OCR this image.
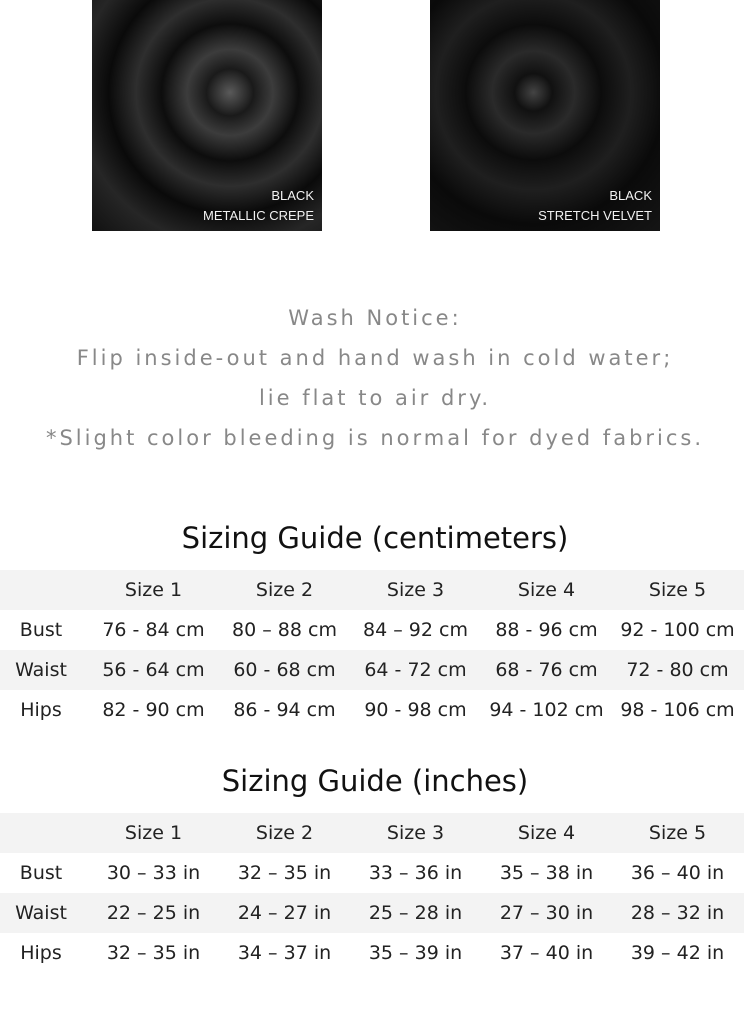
BLACK
METALLIC CREPE
BLACK
STRETCH VELVET
Wash Notice:
Flip inside-out and hand wash in cold water;
lie flat to air dry.
*Slight color bleeding is normal for dyed fabrics.
Sizing Guide (centimeters)
Size 1	Size 2	Size 3	Size 4	Size 5
Bust	76 - 84 cm	80 – 88 cm	84 – 92 cm	88 - 96 cm	92 - 100 cm
Waist	56 - 64 cm	60 - 68 cm	64 - 72 cm	68 - 76 cm	72 - 80 cm
Hips	82 - 90 cm	86 - 94 cm	90 - 98 cm	94 - 102 cm 98 - 106 cm
Sizing Guide (inches)
Size 1	Size 2	Size 3	Size 4	Size 5
Bust	30 – 33 in	32 – 35 in	33 – 36 in	35 – 38 in	36 – 40 in
Waist	22 – 25 in	24 – 27 in	25 – 28 in	27 – 30 in	28 – 32 in
Hips	32 – 35 in	34 – 37 in	35 – 39 in	37 – 40 in	39 – 42 in
